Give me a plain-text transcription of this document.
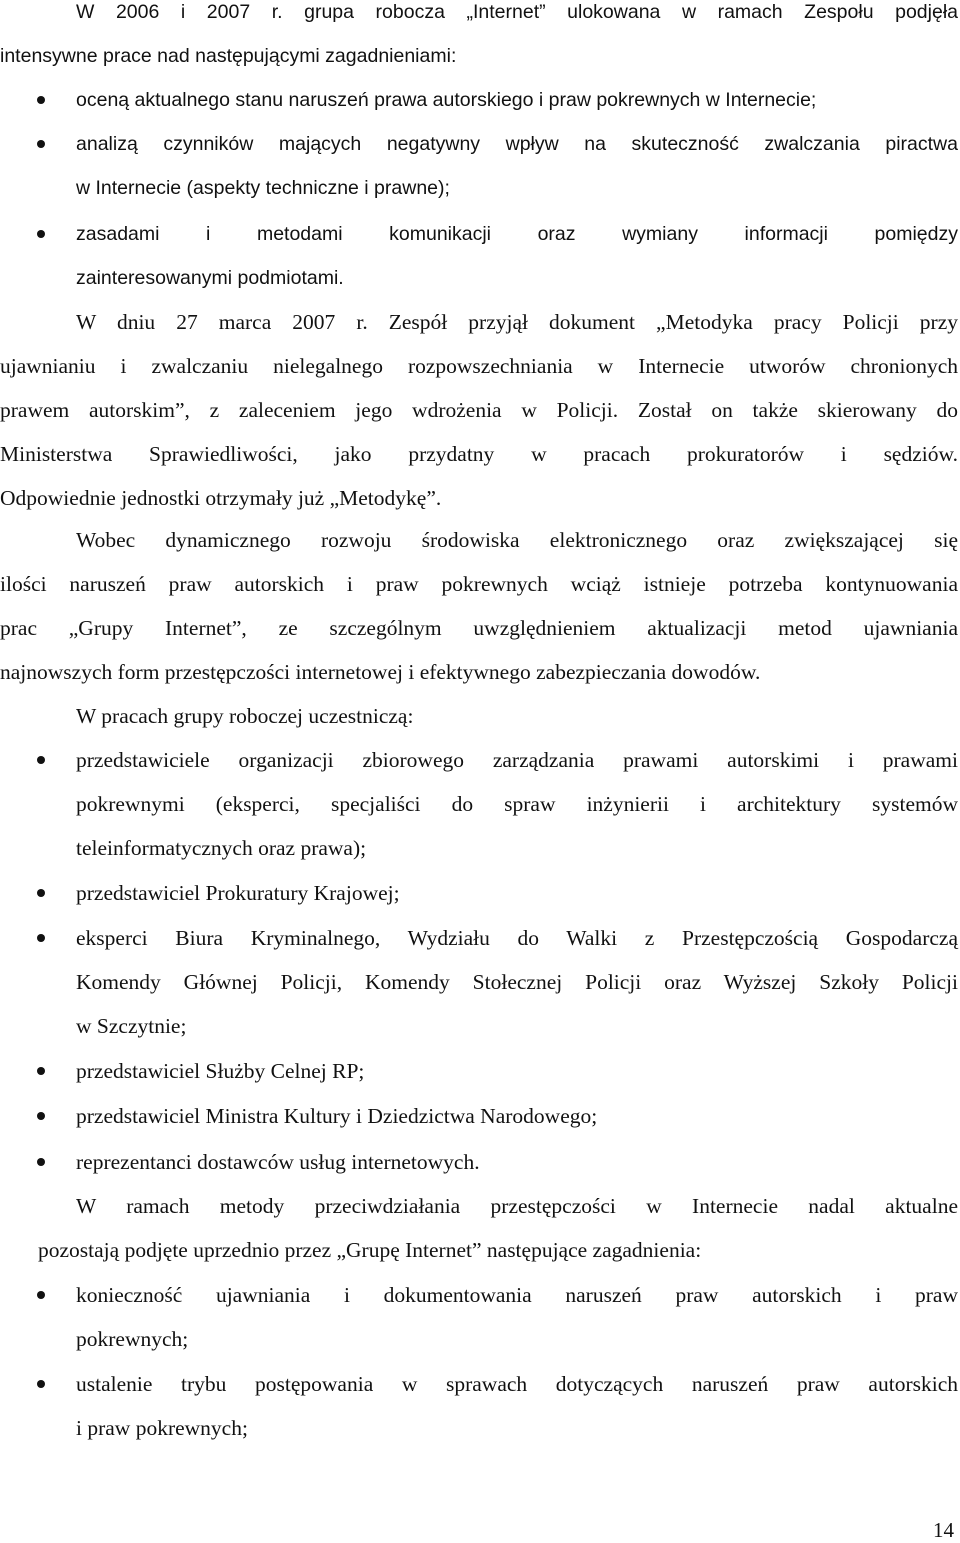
W 2006 i 2007 r. grupa robocza „Internet” ulokowana w ramach Zespołu podjęła
intensywne prace nad następującymi zagadnieniami:
oceną aktualnego stanu naruszeń prawa autorskiego i praw pokrewnych w Internecie;
analizą czynników mających negatywny wpływ na skuteczność zwalczania piractwa
w Internecie (aspekty techniczne i prawne);
zasadami i metodami komunikacji oraz wymiany informacji pomiędzy
zainteresowanymi podmiotami.
W dniu 27 marca 2007 r. Zespół przyjął dokument „Metodyka pracy Policji przy
ujawnianiu i zwalczaniu nielegalnego rozpowszechniania w Internecie utworów chronionych
prawem autorskim”, z zaleceniem jego wdrożenia w Policji. Został on także skierowany do
Ministerstwa Sprawiedliwości, jako przydatny w pracach prokuratorów i sędziów.
Odpowiednie jednostki otrzymały już „Metodykę”.
Wobec dynamicznego rozwoju środowiska elektronicznego oraz zwiększającej się
ilości naruszeń praw autorskich i praw pokrewnych wciąż istnieje potrzeba kontynuowania
prac „Grupy Internet”, ze szczególnym uwzględnieniem aktualizacji metod ujawniania
najnowszych form przestępczości internetowej i efektywnego zabezpieczania dowodów.
W pracach grupy roboczej uczestniczą:
przedstawiciele organizacji zbiorowego zarządzania prawami autorskimi i prawami
pokrewnymi (eksperci, specjaliści do spraw inżynierii i architektury systemów
teleinformatycznych oraz prawa);
przedstawiciel Prokuratury Krajowej;
eksperci Biura Kryminalnego, Wydziału do Walki z Przestępczością Gospodarczą
Komendy Głównej Policji, Komendy Stołecznej Policji oraz Wyższej Szkoły Policji
w Szczytnie;
przedstawiciel Służby Celnej RP;
przedstawiciel Ministra Kultury i Dziedzictwa Narodowego;
reprezentanci dostawców usług internetowych.
W ramach metody przeciwdziałania przestępczości w Internecie nadal aktualne
pozostają podjęte uprzednio przez „Grupę Internet” następujące zagadnienia:
konieczność ujawniania i dokumentowania naruszeń praw autorskich i praw
pokrewnych;
ustalenie trybu postępowania w sprawach dotyczących naruszeń praw autorskich
i praw pokrewnych;
14
